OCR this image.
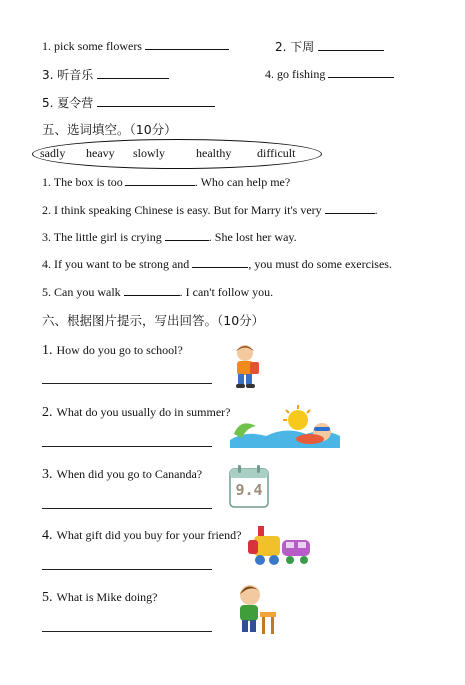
1. pick some flowers	2. 下周
3. 听音乐	4. go fishing
5. 夏令营
五、选词填空。（10分）
sadly heavy slowly	healthy difficult
1. The box is too	. Who can help me?
2. I think speaking Chinese is easy. But for Marry it's very	.
3. The little girl is crying	. She lost her way.
4. If you want to be strong and	, you must do some exercises.
5. Can you walk	. I can't follow you.
六、根据图片提示，写出回答。（10分）
1. How do you go to school?
2. What do you usually do in summer?
3. When did you go to Cananda?
9.4
4. What gift did you buy for your friend?
5. What is Mike doing?
